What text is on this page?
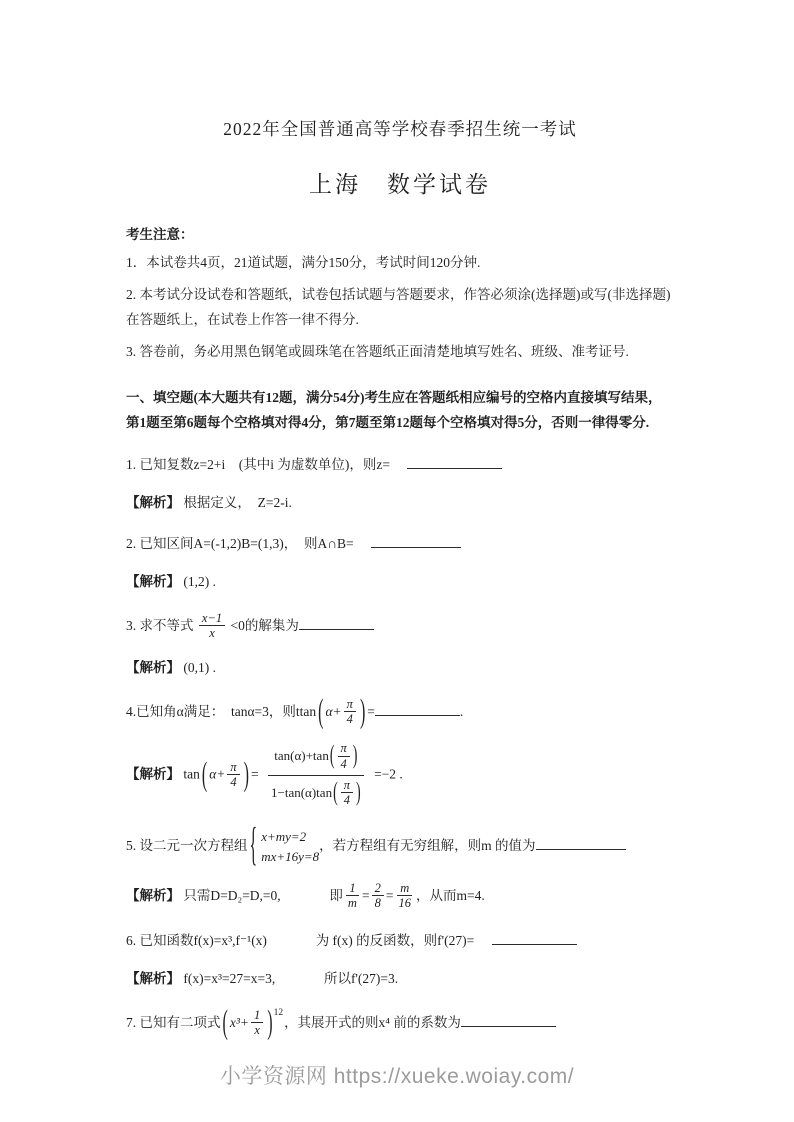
2022年全国普通高等学校春季招生统一考试
上海　数学试卷
考生注意：

1．本试卷共4页，21道试题，满分150分，考试时间120分钟.

2. 本考试分设试卷和答题纸，试卷包括试题与答题要求，作答必须涂(选择题)或写(非选择题)在答题纸上，在试卷上作答一律不得分.

3. 答卷前，务必用黑色钢笔或圆珠笔在答题纸正面清楚地填写姓名、班级、准考证号.

一、填空题(本大题共有12题，满分54分)考生应在答题纸相应编号的空格内直接填写结果，第1题至第6题每个空格填对得4分，第7题至第12题每个空格填对得5分，否则一律得零分.

1. 已知复数z=2+i　(其中i 为虚数单位)，则z=

【解析】 根据定义，　Z=2-i.

2. 已知区间A=(-1,2)B=(1,3)，　则A∩B=

【解析】 (1,2) .

3. 求不等式 $\frac{x-1}{x} <0$的解集为

【解析】 (0,1) .

4.已知角α满足：　tanα=3，则ttan ( $\alpha+ \frac{\pi}{4}$ ) =	.

【解析】 tan ( $\alpha+ \frac{\pi}{4}$ ) = $\frac{\tan(\alpha)+\tan( \frac{\pi}{4} )}{1-\tan(\alpha)\tan( \frac{\pi}{4} )} =-2$ .

5. 设二元一次方程组 { x+my=2
mx+16y=8
，若方程组有无穷组解，则m 的值为

【解析】 只需D=D₂=D,=0,	即 $\frac{1}{m} = \frac{2}{8} = \frac{m}{16}$ ，从而m=4.

6. 已知函数f(x)=x³,f⁻¹(x)	为 f(x) 的反函数，则f'(27)=

【解析】 f(x)=x³=27=x=3,	所以f'(27)=3.

7. 已知有二项式 ( $x^3+ \frac{1}{x} )12$，其展开式的则x⁴ 前的系数为

小学资源网 https://xueke.woiay.com/
